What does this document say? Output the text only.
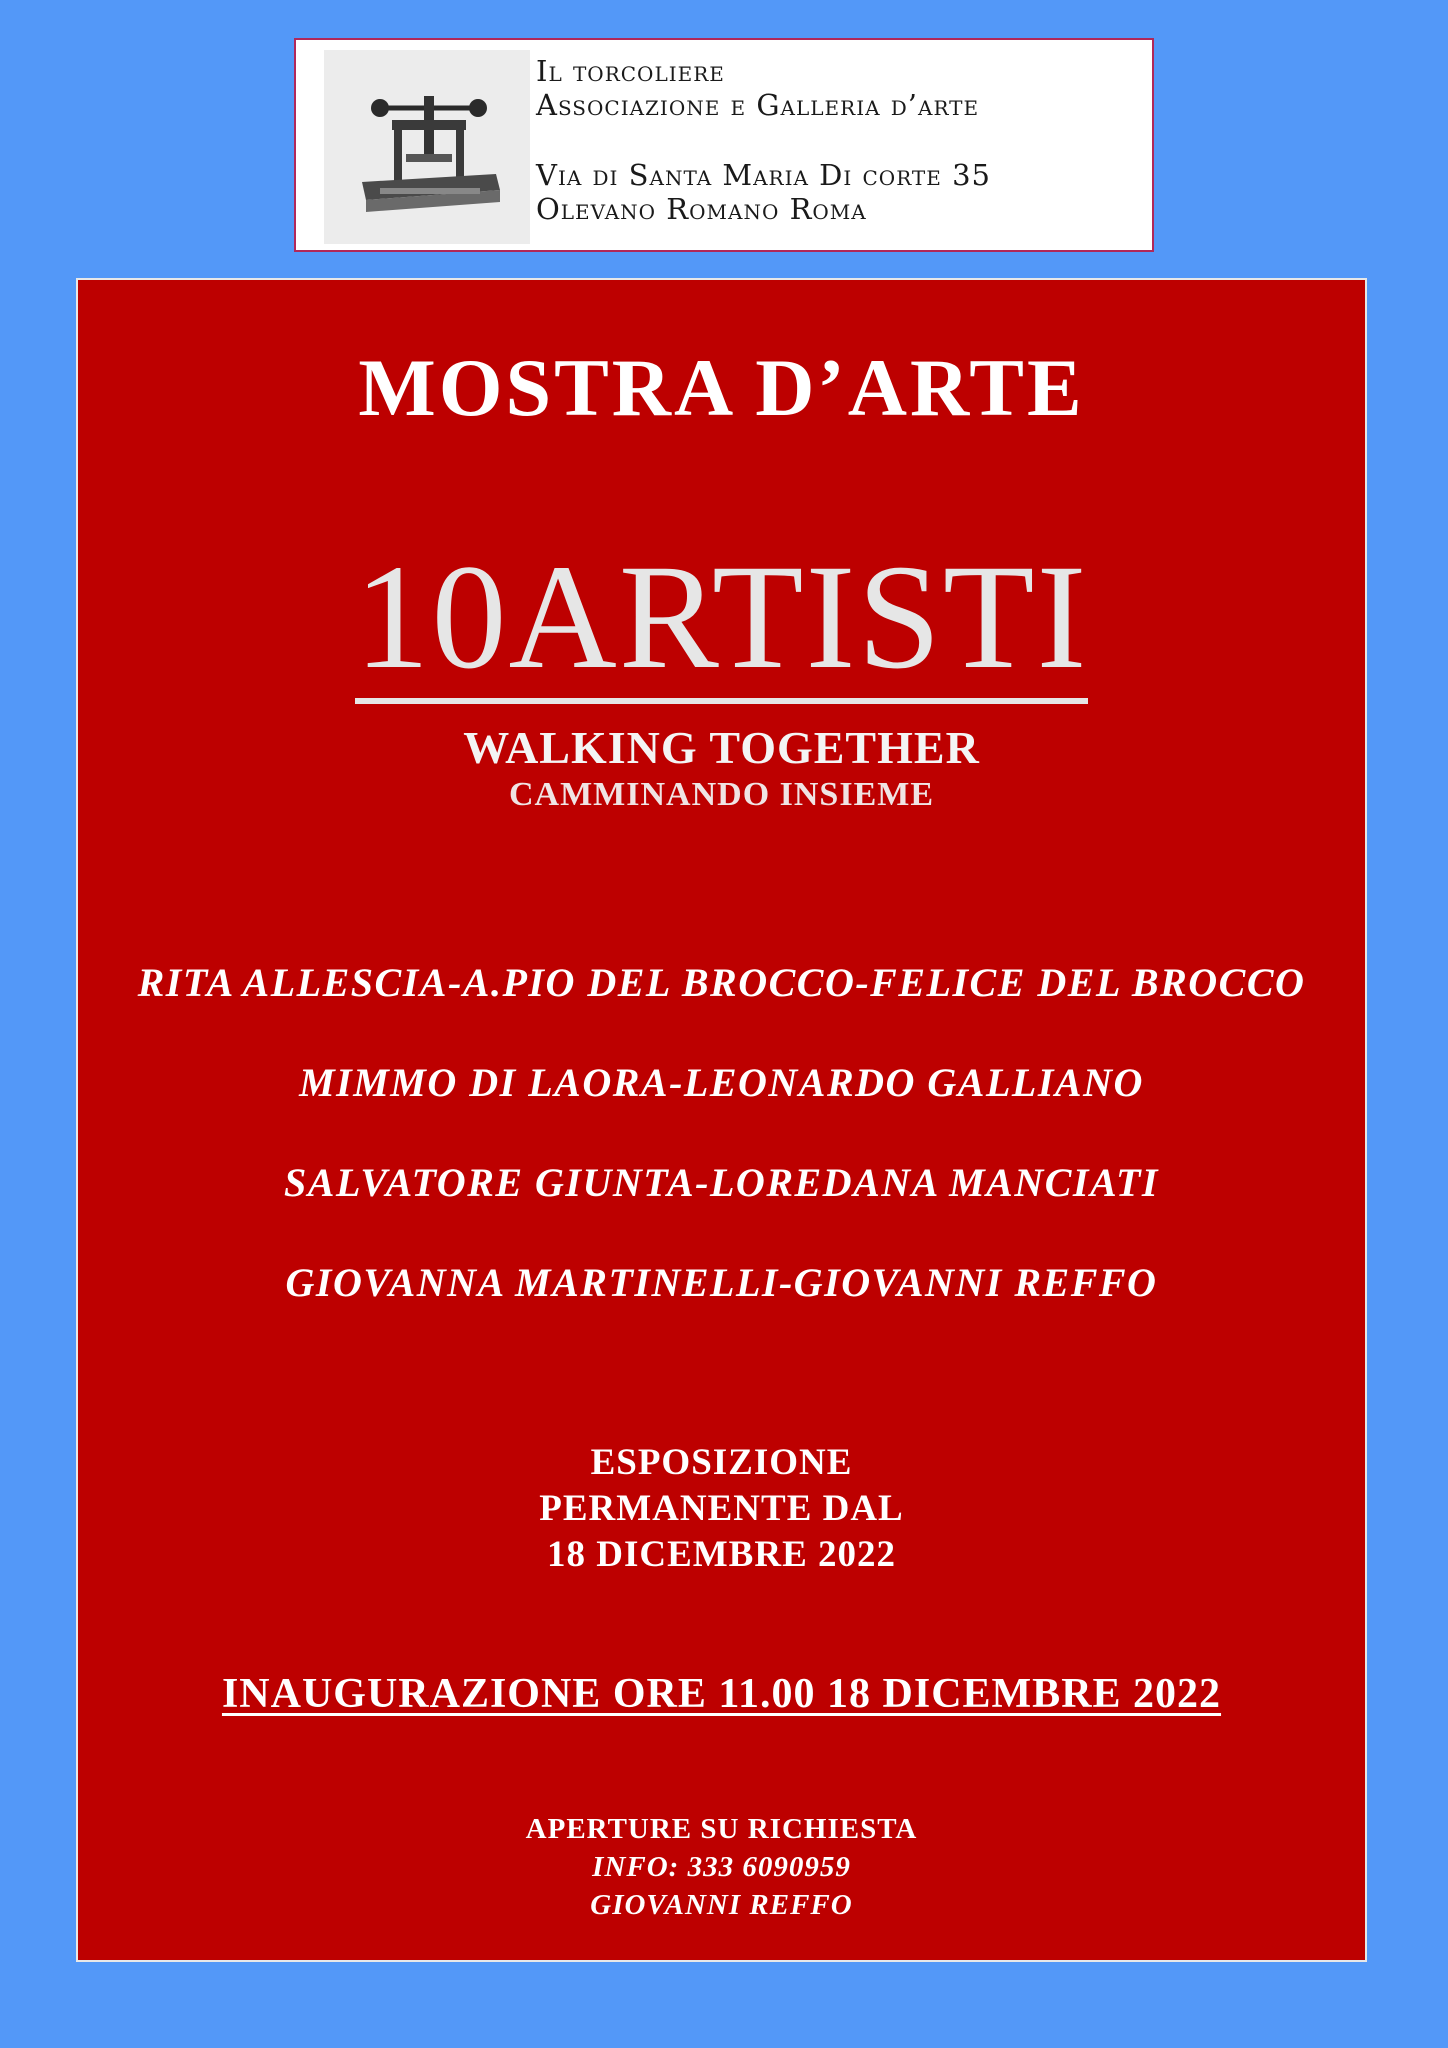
Il torcoliere
Associazione e Galleria d’arte
Via di Santa Maria Di corte 35
Olevano Romano Roma
MOSTRA D’ARTE
10ARTISTI
WALKING TOGETHER
CAMMINANDO INSIEME
RITA ALLESCIA-A.PIO DEL BROCCO-FELICE DEL BROCCO
MIMMO DI LAORA-LEONARDO GALLIANO
SALVATORE GIUNTA-LOREDANA MANCIATI
GIOVANNA MARTINELLI-GIOVANNI REFFO
ESPOSIZIONE
PERMANENTE DAL
18 DICEMBRE 2022
INAUGURAZIONE ORE 11.00 18 DICEMBRE 2022
APERTURE SU RICHIESTA
INFO: 333 6090959
GIOVANNI REFFO
